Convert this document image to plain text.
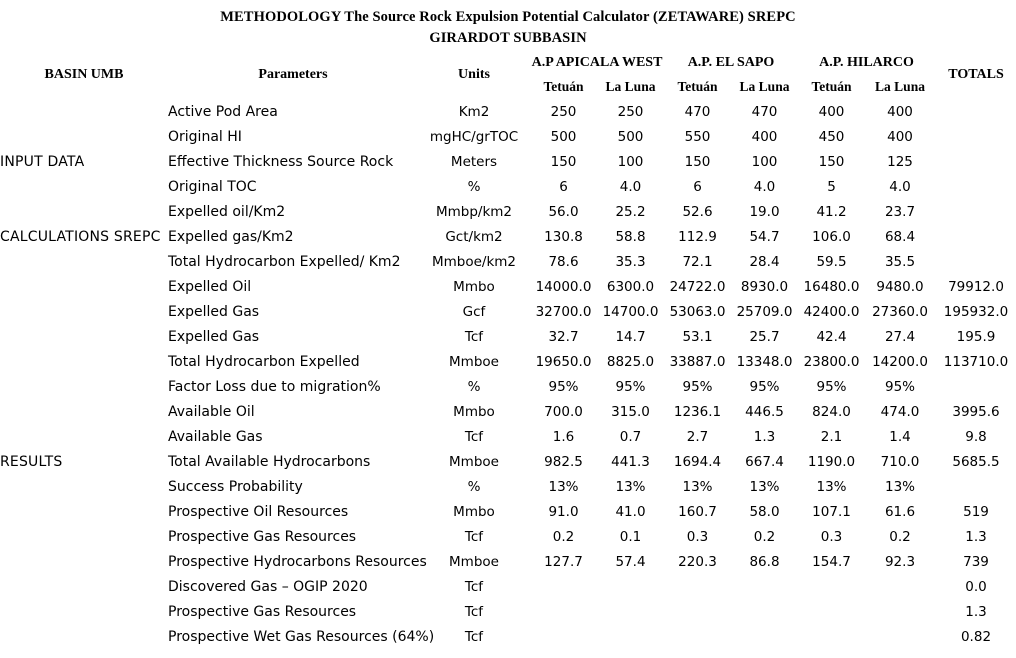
METHODOLOGY The Source Rock Expulsion Potential Calculator (ZETAWARE) SREPC
GIRARDOT SUBBASIN
BASIN UMB	Parameters	Units	A.P APICALA WEST		A.P. EL SAPO		A.P. HILARCO		TOTALS
			Tetuán	La Luna	Tetuán	La Luna	Tetuán	La Luna	
	Active Pod Area	Km2	250	250	470	470	400	400	
	Original HI	mgHC/grTOC	500	500	550	400	450	400	
INPUT DATA	Effective Thickness Source Rock	Meters	150	100	150	100	150	125	
	Original TOC	%	6	4.0	6	4.0	5	4.0	
	Expelled oil/Km2	Mmbp/km2	56.0	25.2	52.6	19.0	41.2	23.7	
CALCULATIONS SREPC	Expelled gas/Km2	Gct/km2	130.8	58.8	112.9	54.7	106.0	68.4	
	Total Hydrocarbon Expelled/ Km2	Mmboe/km2	78.6	35.3	72.1	28.4	59.5	35.5	
	Expelled Oil	Mmbo	14000.0	6300.0	24722.0	8930.0	16480.0	9480.0	79912.0
	Expelled Gas	Gcf	32700.0	14700.0	53063.0	25709.0	42400.0	27360.0	195932.0
	Expelled Gas	Tcf	32.7	14.7	53.1	25.7	42.4	27.4	195.9
	Total Hydrocarbon Expelled	Mmboe	19650.0	8825.0	33887.0	13348.0	23800.0	14200.0	113710.0
	Factor Loss due to migration%	%	95%	95%	95%	95%	95%	95%	
	Available Oil	Mmbo	700.0	315.0	1236.1	446.5	824.0	474.0	3995.6
	Available Gas	Tcf	1.6	0.7	2.7	1.3	2.1	1.4	9.8
RESULTS	Total Available Hydrocarbons	Mmboe	982.5	441.3	1694.4	667.4	1190.0	710.0	5685.5
	Success Probability	%	13%	13%	13%	13%	13%	13%	
	Prospective Oil Resources	Mmbo	91.0	41.0	160.7	58.0	107.1	61.6	519
	Prospective Gas Resources	Tcf	0.2	0.1	0.3	0.2	0.3	0.2	1.3
	Prospective Hydrocarbons Resources	Mmboe	127.7	57.4	220.3	86.8	154.7	92.3	739
	Discovered Gas – OGIP 2020	Tcf							0.0
	Prospective Gas Resources	Tcf							1.3
	Prospective Wet Gas Resources (64%)	Tcf							0.82
